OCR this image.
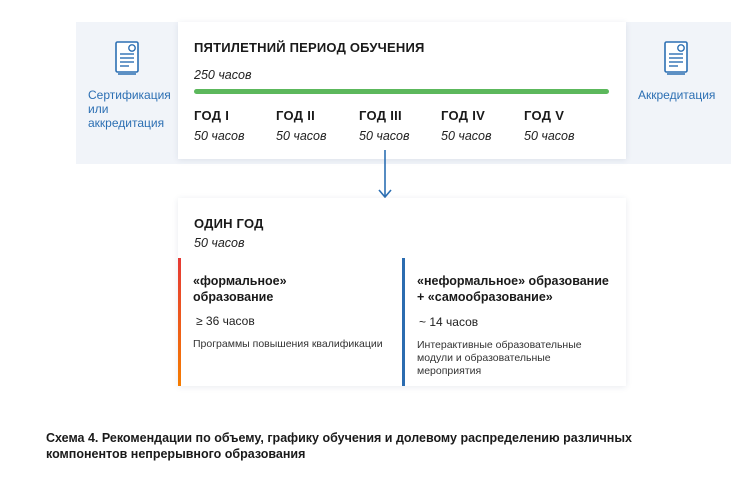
Сертификация
или
аккредитация
Аккредитация
ПЯТИЛЕТНИЙ ПЕРИОД ОБУЧЕНИЯ
250 часов
ГОД I
50 часов
ГОД II
50 часов
ГОД III
50 часов
ГОД IV
50 часов
ГОД V
50 часов
ОДИН ГОД
50 часов
«формальное»
образование
≥ 36 часов
Программы повышения квалификации
«неформальное» образование
+ «самообразование»
~ 14 часов
Интерактивные образовательные
модули и образовательные
мероприятия
Схема 4. Рекомендации по объему, графику обучения и долевому распределению различных
компонентов непрерывного образования
